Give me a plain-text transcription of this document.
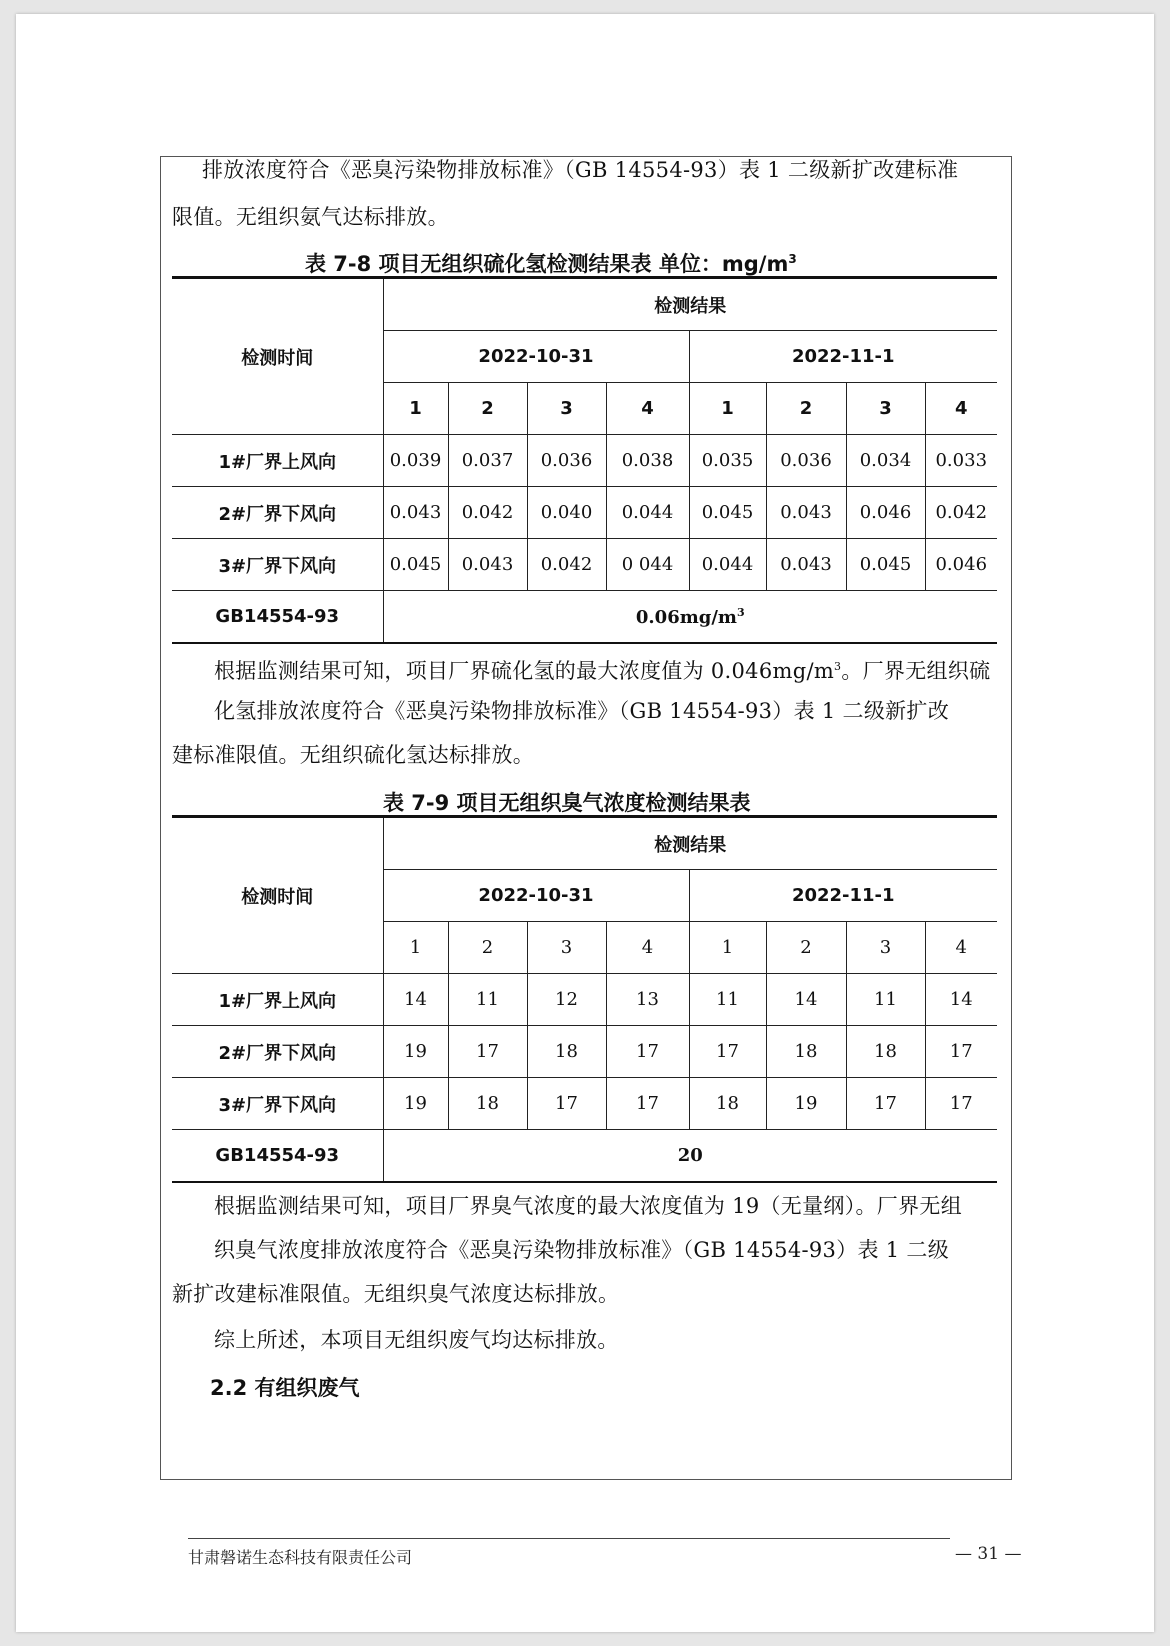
排放浓度符合《恶臭污染物排放标准》（GB 14554-93）表 1 二级新扩改建标准
限值。无组织氨气达标排放。
表 7-8 项目无组织硫化氢检测结果表 单位：$mg/m^3$
检测时间	检测结果							
	2022-10-31				2022-11-1			
	1	2	3	4	1	2	3	4
1#厂界上风向	0.039	0.037	0.036	0.038	0.035	0.036	0.034	0.033
2#厂界下风向	0.043	0.042	0.040	0.044	0.045	0.043	0.046	0.042
3#厂界下风向	0.045	0.043	0.042	0 044	0.044	0.043	0.045	0.046
GB14554-93	$0.06mg/m^3$
根据监测结果可知，项目厂界硫化氢的最大浓度值为 $0.046mg/m^3$。厂界无组织硫
化氢排放浓度符合《恶臭污染物排放标准》（GB 14554-93）表 1 二级新扩改
建标准限值。无组织硫化氢达标排放。
表 7-9 项目无组织臭气浓度检测结果表
检测时间	检测结果							
	2022-10-31				2022-11-1			
	1	2	3	4	1	2	3	4
1#厂界上风向	14	11	12	13	11	14	11	14
2#厂界下风向	19	17	18	17	17	18	18	17
3#厂界下风向	19	18	17	17	18	19	17	17
GB14554-93	20							
根据监测结果可知，项目厂界臭气浓度的最大浓度值为 19（无量纲）。厂界无组
织臭气浓度排放浓度符合《恶臭污染物排放标准》（GB 14554-93）表 1 二级
新扩改建标准限值。无组织臭气浓度达标排放。
综上所述，本项目无组织废气均达标排放。
2.2 有组织废气
甘肃磐诺生态科技有限责任公司	— 31 —
